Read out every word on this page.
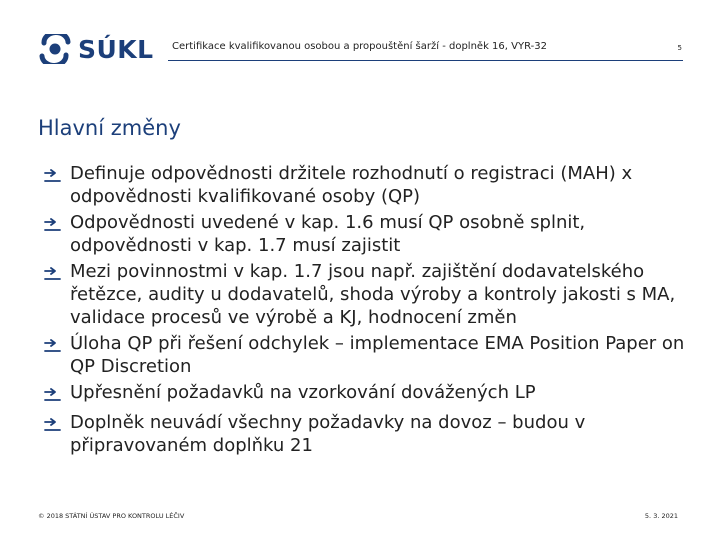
SÚKL Certifikace kvalifikovanou osobou a propouštění šarží - doplněk 16, VYR-32	5
Hlavní změny
Definuje odpovědnosti držitele rozhodnutí o registraci (MAH) x odpovědnosti kvalifikované osoby (QP)
Odpovědnosti uvedené v kap. 1.6 musí QP osobně splnit, odpovědnosti v kap. 1.7 musí zajistit
Mezi povinnostmi v kap. 1.7 jsou např. zajištění dodavatelského řetězce, audity u dodavatelů, shoda výroby a kontroly jakosti s MA, validace procesů ve výrobě a KJ, hodnocení změn
Úloha QP při řešení odchylek – implementace EMA Position Paper on QP Discretion
Upřesnění požadavků na vzorkování dovážených LP
Doplněk neuvádí všechny požadavky na dovoz – budou v připravovaném doplňku 21
© 2018 STÁTNÍ ÚSTAV PRO KONTROLU LÉČIV	5. 3. 2021
